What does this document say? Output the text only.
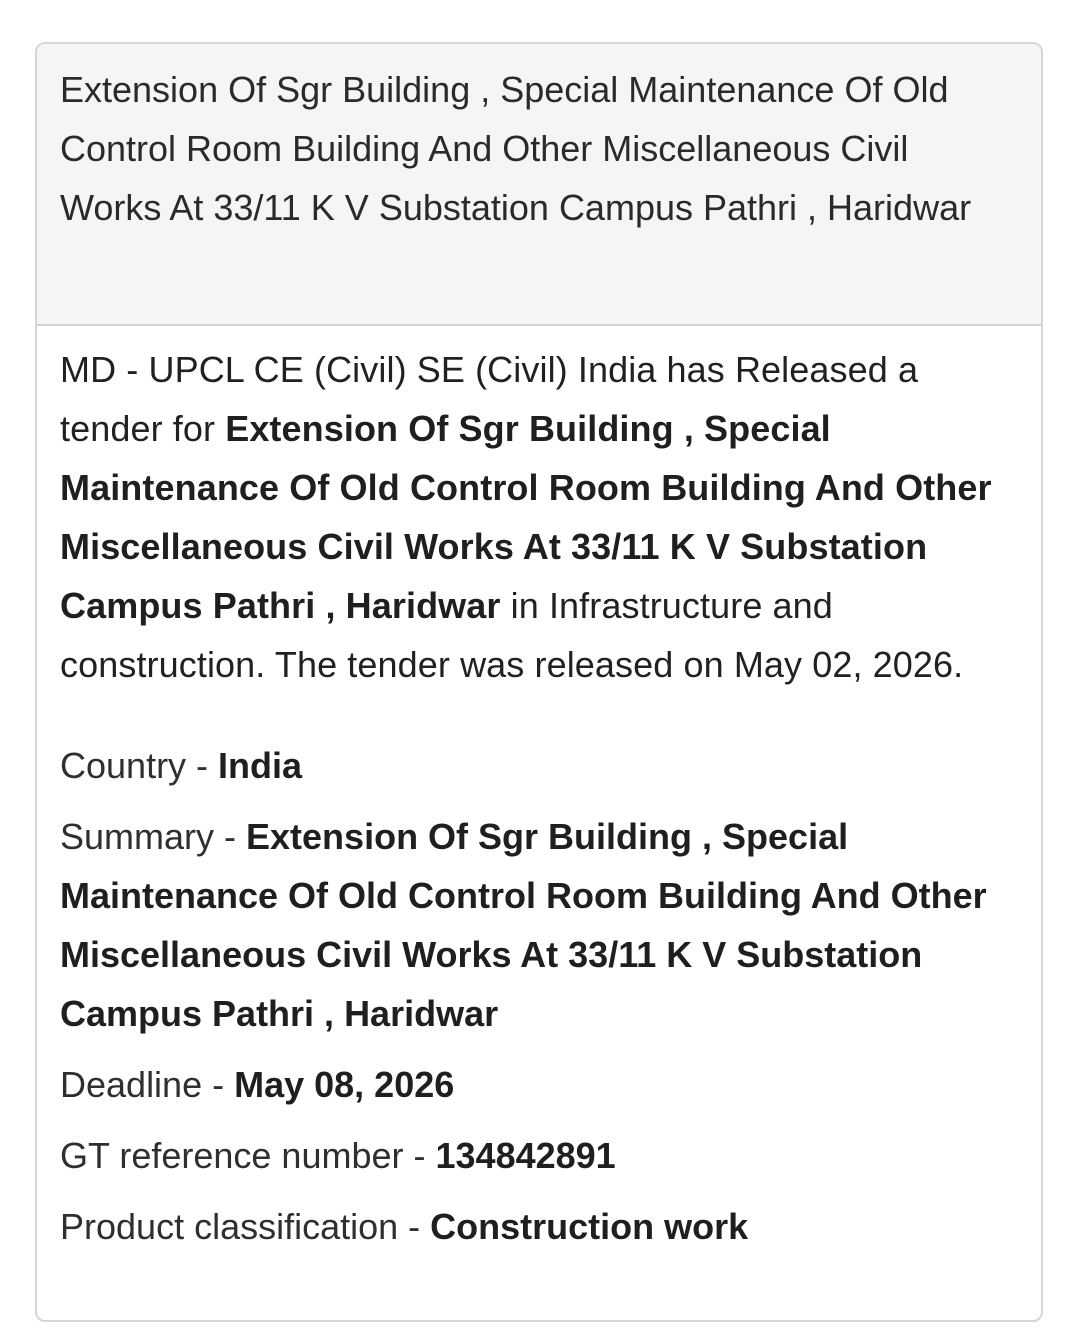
Extension Of Sgr Building , Special Maintenance Of Old Control Room Building And Other Miscellaneous Civil Works At 33/11 K V Substation Campus Pathri , Haridwar

MD - UPCL CE (Civil) SE (Civil) India has Released a tender for Extension Of Sgr Building , Special Maintenance Of Old Control Room Building And Other Miscellaneous Civil Works At 33/11 K V Substation Campus Pathri , Haridwar in Infrastructure and construction. The tender was released on May 02, 2026.

Country - India

Summary - Extension Of Sgr Building , Special Maintenance Of Old Control Room Building And Other Miscellaneous Civil Works At 33/11 K V Substation Campus Pathri , Haridwar

Deadline - May 08, 2026

GT reference number - 134842891

Product classification - Construction work
